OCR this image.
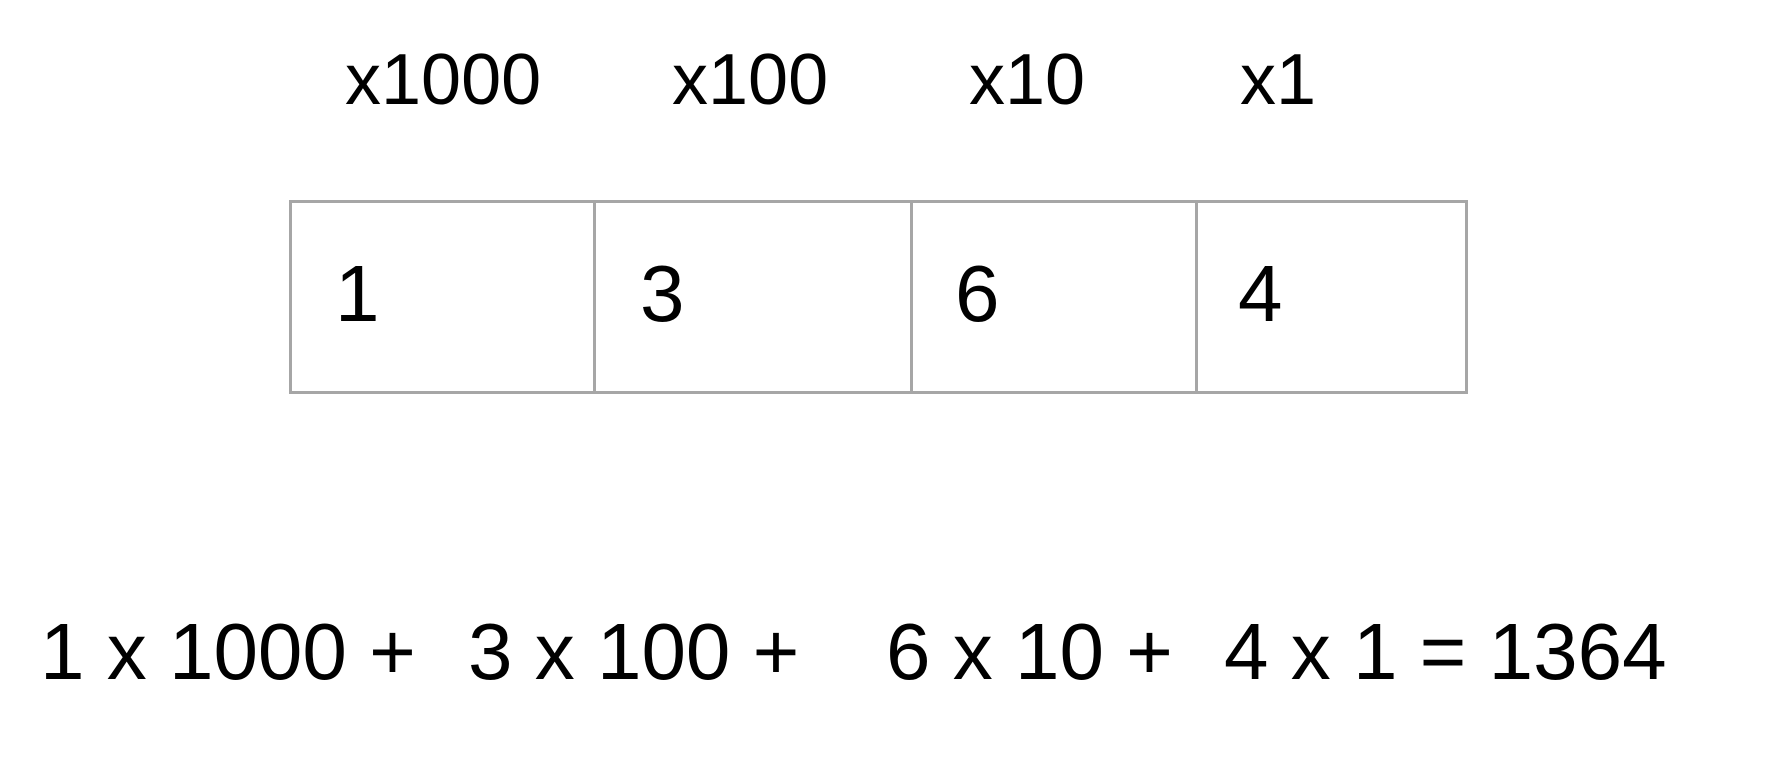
x1000 x100 x10 x1
1	3	6	4
1 x 1000 + 3 x 100 + 6 x 10 + 4 x 1 = 1364
